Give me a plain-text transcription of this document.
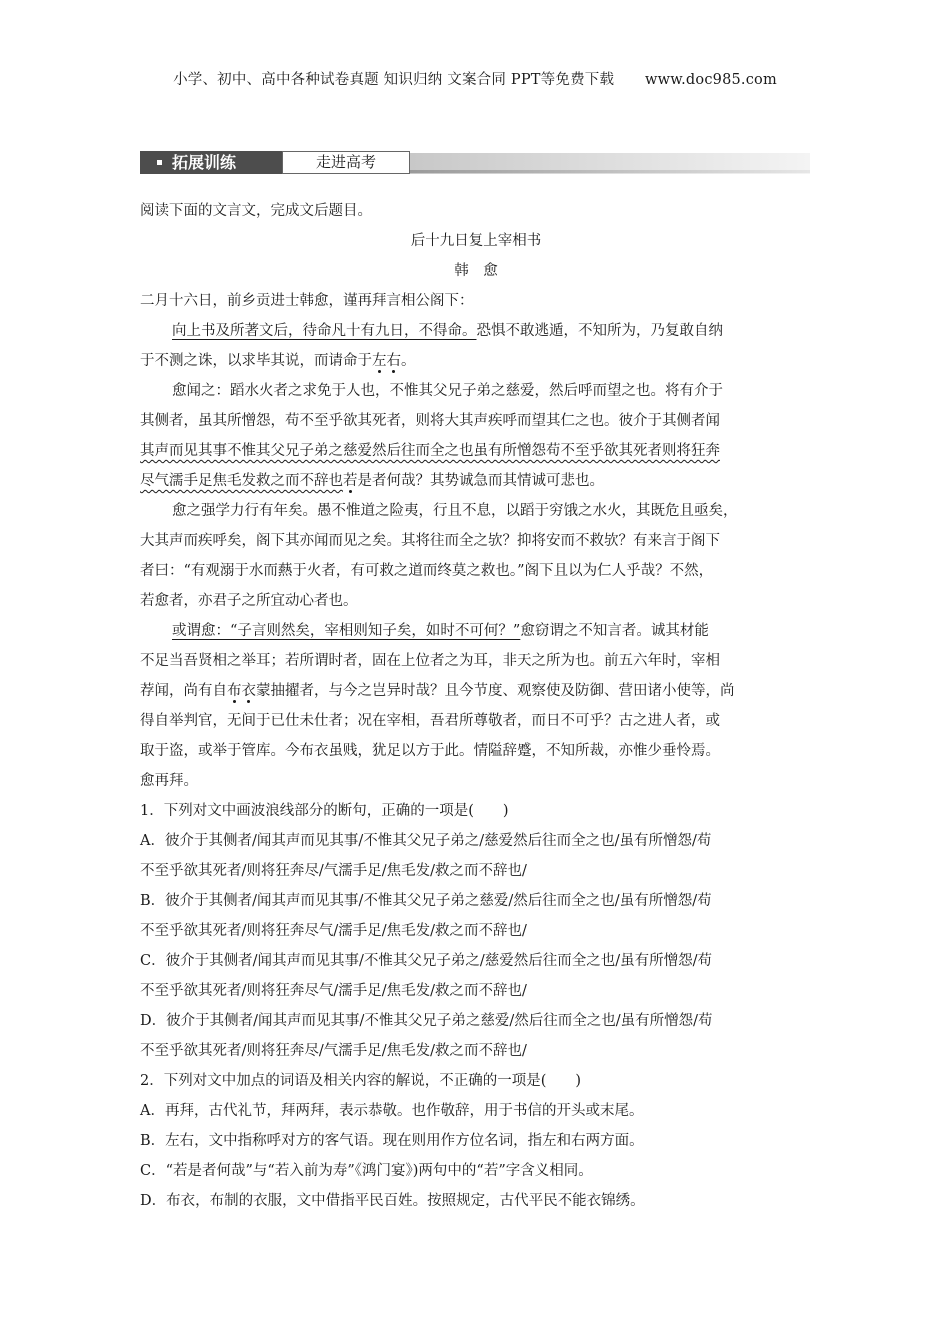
小学、初中、高中各种试卷真题 知识归纳 文案合同 PPT等免费下载 www.doc985.com
拓展训练	走进高考
阅读下面的文言文，完成文后题目。
后十九日复上宰相书
韩　愈
二月十六日，前乡贡进士韩愈，谨再拜言相公阁下：
向上书及所著文后，待命凡十有九日，不得命。恐惧不敢逃遁，不知所为，乃复敢自纳
于不测之诛，以求毕其说，而请命于左右。
愈闻之：蹈水火者之求免于人也，不惟其父兄子弟之慈爱，然后呼而望之也。将有介于
其侧者，虽其所憎怨，苟不至乎欲其死者，则将大其声疾呼而望其仁之也。彼介于其侧者闻
其声而见其事不惟其父兄子弟之慈爱然后往而全之也虽有所憎怨苟不至乎欲其死者则将狂奔
尽气濡手足焦毛发救之而不辞也若是者何哉？其势诚急而其情诚可悲也。
愈之强学力行有年矣。愚不惟道之险夷，行且不息，以蹈于穷饿之水火，其既危且亟矣，
大其声而疾呼矣，阁下其亦闻而见之矣。其将往而全之欤？抑将安而不救欤？有来言于阁下
者曰：“有观溺于水而爇于火者，有可救之道而终莫之救也。”阁下且以为仁人乎哉？不然，
若愈者，亦君子之所宜动心者也。
或谓愈：“子言则然矣，宰相则知子矣，如时不可何？”愈窃谓之不知言者。诚其材能
不足当吾贤相之举耳；若所谓时者，固在上位者之为耳，非天之所为也。前五六年时，宰相
荐闻，尚有自布衣蒙抽擢者，与今之岂异时哉？且今节度、观察使及防御、营田诸小使等，尚
得自举判官，无间于已仕未仕者；况在宰相，吾君所尊敬者，而日不可乎？古之进人者，或
取于盗，或举于管库。今布衣虽贱，犹足以方于此。情隘辞蹙，不知所裁，亦惟少垂怜焉。
愈再拜。
1．下列对文中画波浪线部分的断句，正确的一项是(　　)
A．彼介于其侧者/闻其声而见其事/不惟其父兄子弟之/慈爱然后往而全之也/虽有所憎怨/苟
不至乎欲其死者/则将狂奔尽/气濡手足/焦毛发/救之而不辞也/
B．彼介于其侧者/闻其声而见其事/不惟其父兄子弟之慈爱/然后往而全之也/虽有所憎怨/苟
不至乎欲其死者/则将狂奔尽气/濡手足/焦毛发/救之而不辞也/
C．彼介于其侧者/闻其声而见其事/不惟其父兄子弟之/慈爱然后往而全之也/虽有所憎怨/苟
不至乎欲其死者/则将狂奔尽气/濡手足/焦毛发/救之而不辞也/
D．彼介于其侧者/闻其声而见其事/不惟其父兄子弟之慈爱/然后往而全之也/虽有所憎怨/苟
不至乎欲其死者/则将狂奔尽/气濡手足/焦毛发/救之而不辞也/
2．下列对文中加点的词语及相关内容的解说，不正确的一项是(　　)
A．再拜，古代礼节，拜两拜，表示恭敬。也作敬辞，用于书信的开头或末尾。
B．左右，文中指称呼对方的客气语。现在则用作方位名词，指左和右两方面。
C．“若是者何哉”与“若入前为寿”《鸿门宴》)两句中的“若”字含义相同。
D．布衣，布制的衣服，文中借指平民百姓。按照规定，古代平民不能衣锦绣。
